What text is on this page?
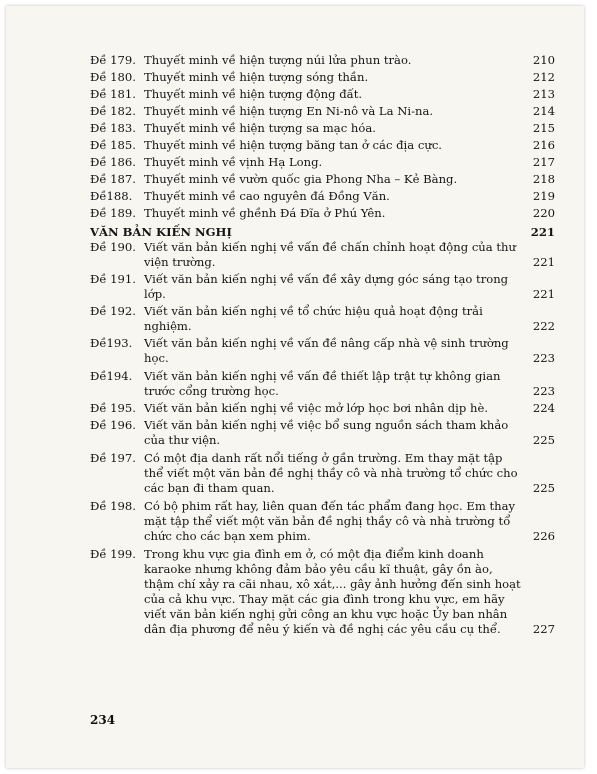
Đề 179. Thuyết minh về hiện tượng núi lửa phun trào.	210
Đề 180. Thuyết minh về hiện tượng sóng thần.	212
Đề 181. Thuyết minh về hiện tượng động đất.	213
Đề 182. Thuyết minh về hiện tượng En Ni-nô và La Ni-na.	214
Đề 183. Thuyết minh về hiện tượng sa mạc hóa.	215
Đề 185. Thuyết minh về hiện tượng băng tan ở các địa cực.	216
Đề 186. Thuyết minh về vịnh Hạ Long.	217
Đề 187. Thuyết minh về vườn quốc gia Phong Nha – Kẻ Bàng.	218
Đề188.	Thuyết minh về cao nguyên đá Đồng Văn.	219
Đề 189. Thuyết minh về ghềnh Đá Đĩa ở Phú Yên.	220
VĂN BẢN KIẾN NGHỊ	221
Đề 190. Viết văn bản kiến nghị về vấn đề chấn chỉnh hoạt động của thư viện trường.	221
Đề 191. Viết văn bản kiến nghị về vấn đề xây dựng góc sáng tạo trong lớp.	221
Đề 192. Viết văn bản kiến nghị về tổ chức hiệu quả hoạt động trải nghiệm.	222
Đề193.	Viết văn bản kiến nghị về vấn đề nâng cấp nhà vệ sinh trường học.	223
Đề194.	Viết văn bản kiến nghị về vấn đề thiết lập trật tự không gian trước cổng trường học.	223
Đề 195. Viết văn bản kiến nghị về việc mở lớp học bơi nhân dịp hè.	224
Đề 196. Viết văn bản kiến nghị về việc bổ sung nguồn sách tham khảo của thư viện.	225
Đề 197. Có một địa danh rất nổi tiếng ở gần trường. Em thay mặt tập thể viết một văn bản đề nghị thầy cô và nhà trường tổ chức cho các bạn đi tham quan.	225
Đề 198. Có bộ phim rất hay, liên quan đến tác phẩm đang học. Em thay mặt tập thể viết một văn bản đề nghị thầy cô và nhà trường tổ chức cho các bạn xem phim.	226
Đề 199. Trong khu vực gia đình em ở, có một địa điểm kinh doanh karaoke nhưng không đảm bảo yêu cầu kĩ thuật, gây ồn ào, thậm chí xảy ra cãi nhau, xô xát,... gây ảnh hưởng đến sinh hoạt của cả khu vực. Thay mặt các gia đình trong khu vực, em hãy viết văn bản kiến nghị gửi công an khu vực hoặc Ủy ban nhân dân địa phương để nêu ý kiến và đề nghị các yêu cầu cụ thể.	227
234
